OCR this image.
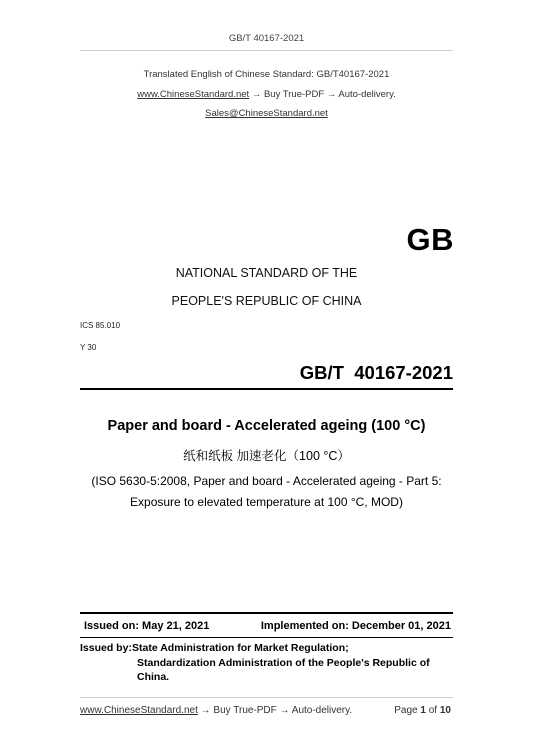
GB/T 40167-2021
Translated English of Chinese Standard: GB/T40167-2021
www.ChineseStandard.net → Buy True-PDF → Auto-delivery.
Sales@ChineseStandard.net
GB
NATIONAL STANDARD OF THE
PEOPLE'S REPUBLIC OF CHINA
ICS 85.010
Y 30
GB/T  40167-2021
Paper and board - Accelerated ageing (100 °C)
纸和纸板 加速老化（100 °C）
(ISO 5630-5:2008, Paper and board - Accelerated ageing - Part 5:
Exposure to elevated temperature at 100 °C, MOD)
Issued on: May 21, 2021	Implemented on: December 01, 2021
Issued by: State Administration for Market Regulation;
Standardization Administration of the People's Republic of
China.
www.ChineseStandard.net → Buy True-PDF → Auto-delivery.	Page 1 of 10
